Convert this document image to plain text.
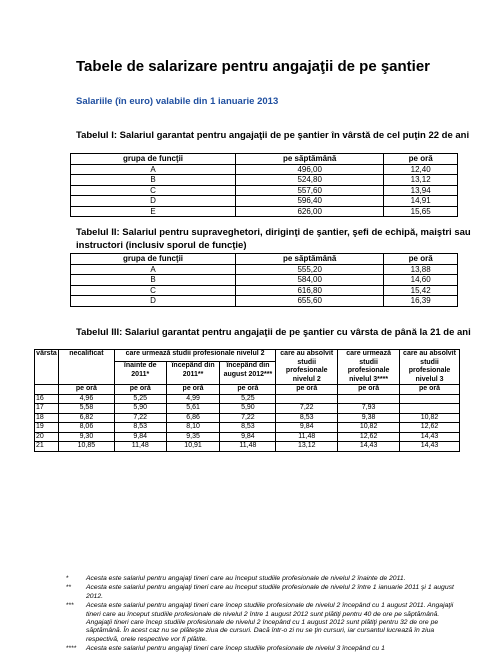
Tabele de salarizare pentru angajaţii de pe şantier
Salariile (în euro) valabile din 1 ianuarie 2013
Tabelul I: Salariul garantat pentru angajaţii de pe şantier în vârstă de cel puţin 22 de ani
grupa de funcţii	pe săptămână	pe oră
A	496,00	12,40
B	524,80	13,12
C	557,60	13,94
D	596,40	14,91
E	626,00	15,65
Tabelul II: Salariul pentru supraveghetori, diriginţi de şantier, şefi de echipă, maiştri sau instructori (inclusiv sporul de funcţie)
grupa de funcţii	pe săptămână	pe oră
A	555,20	13,88
B	584,00	14,60
C	616,80	15,42
D	655,60	16,39
Tabelul III: Salariul garantat pentru angajaţii de pe şantier cu vârsta de până la 21 de ani
vârsta	necalificat	care urmează studii profesionale nivelul 2			care au absolvit studii profesionale nivelul 2	care urmează studii profesionale nivelul 3****	care au absolvit studii profesionale nivelul 3
		înainte de 2011*	începând din 2011**	începând din august 2012***			
	pe oră	pe oră	pe oră	pe oră	pe oră	pe oră	pe oră
16	4,96	5,25	4,99	5,25			
17	5,58	5,90	5,61	5,90	7,22	7,93	
18	6,82	7,22	6,86	7,22	8,53	9,38	10,82
19	8,06	8,53	8,10	8,53	9,84	10,82	12,62
20	9,30	9,84	9,35	9,84	11,48	12,62	14,43
21	10,85	11,48	10,91	11,48	13,12	14,43	14,43
*	Acesta este salariul pentru angajaţi tineri care au început studiile profesionale de nivelul 2 înainte de 2011.
**	Acesta este salariul pentru angajaţi tineri care au început studiile profesionale de nivelul 2 între 1 ianuarie 2011 şi 1 august 2012.
***	Acesta este salariul pentru angajaţi tineri care încep studiile profesionale de nivelul 2 începând cu 1 august 2011. Angajaţii tineri care au început studiile profesionale de nivelul 2 între 1 august 2012 sunt plătiţi pentru 40 de ore pe săptămână. Angajaţii tineri care încep studiile profesionale de nivelul 2 începând cu 1 august 2012 sunt plătiţi pentru 32 de ore pe săptămână. În acest caz nu se plăteşte ziua de cursuri. Dacă într-o zi nu se ţin cursuri, iar cursantul lucrează în ziua respectivă, orele respective vor fi plătite.
****	Acesta este salariul pentru angajaţi tineri care încep studiile profesionale de nivelul 3 începând cu 1
